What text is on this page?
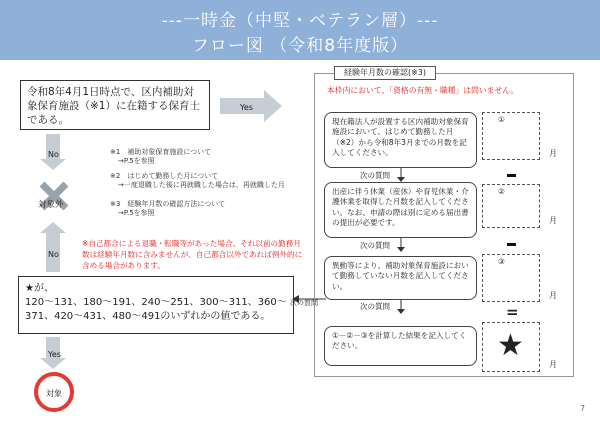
---一時金（中堅・ベテラン層）---
フロー図 （令和8年度版）
令和8年4月1日時点で、区内補助対象保育施設（※1）に在籍する保育士である。
Yes
No	※1　補助対象保育施設について
→P.5を参照
※2　はじめて勤務した月について
→一度退職した後に再就職した場合は、再就職した月
※3　経験年月数の確認方法について
→P.5を参照
対象外
No
※自己都合による退職・転職等があった場合、それ以前の勤務月数は経験年月数に含みませんが、自己都合以外であれば例外的に含める場合があります。
★が、
120～131、180～191、240～251、300～311、360～371、420～431、480～491のいずれかの値である。
次の質問
Yes
対象
経験年月数の確認(※3)
本枠内において、「資格の有無・職種」は問いません。
現在籍法人が設置する区内補助対象保育施設において、はじめて勤務した月（※2）から令和8年3月までの月数を記入してください。
①
月
次の質問
出産に伴う休業（産休）や育児休業・介護休業を取得した月数を記入してください。なお、申請の際は別に定める届出書の提出が必要です。
②
月
次の質問
異動等により、補助対象保育施設において勤務していない月数を記入してください。
③
月
次の質問	=
①－②－③を計算した結果を記入してください。	★
月
7
